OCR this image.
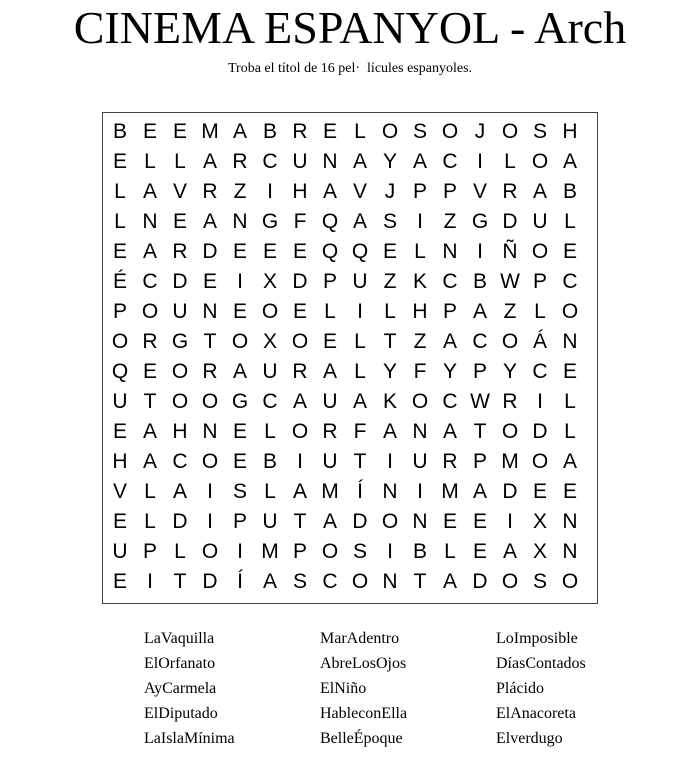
CINEMA ESPANYOL - Arch
Troba el títol de 16 pel·  lícules espanyoles.
B E E M A B R E L O S O J O S H
E L L A R C U N A Y A C I	L O A
L A V R Z I H A V J P P V R A B
L N E A N G F Q A S I Z G D U L
E A R D E E E Q Q E L N I Ñ O E
É C D E I X D P U Z K C B W P C
P O U N E O E L	I	L H P A Z L O
O R G T O X O E L T Z A C O Á N
Q E O R A U R A L Y F Y P Y C E
U T O O G C A U A K O C W R I	L
E A H N E L O R F A N A T O D L
H A C O E B I U T I U R P M O A
V L A I S L A M Í N I M A D E E
E L D I P U T A D O N E E I X N
U P L O I M P O S I B L E A X N
E I T D Í A S C O N T A D O S O
LaVaquilla
ElOrfanato
AyCarmela
ElDiputado
LaIslaMínima
MarAdentro
AbreLosOjos
ElNiño
HableconElla
BelleÉpoque
LoImposible
DíasContados
Plácido
ElAnacoreta
Elverdugo
